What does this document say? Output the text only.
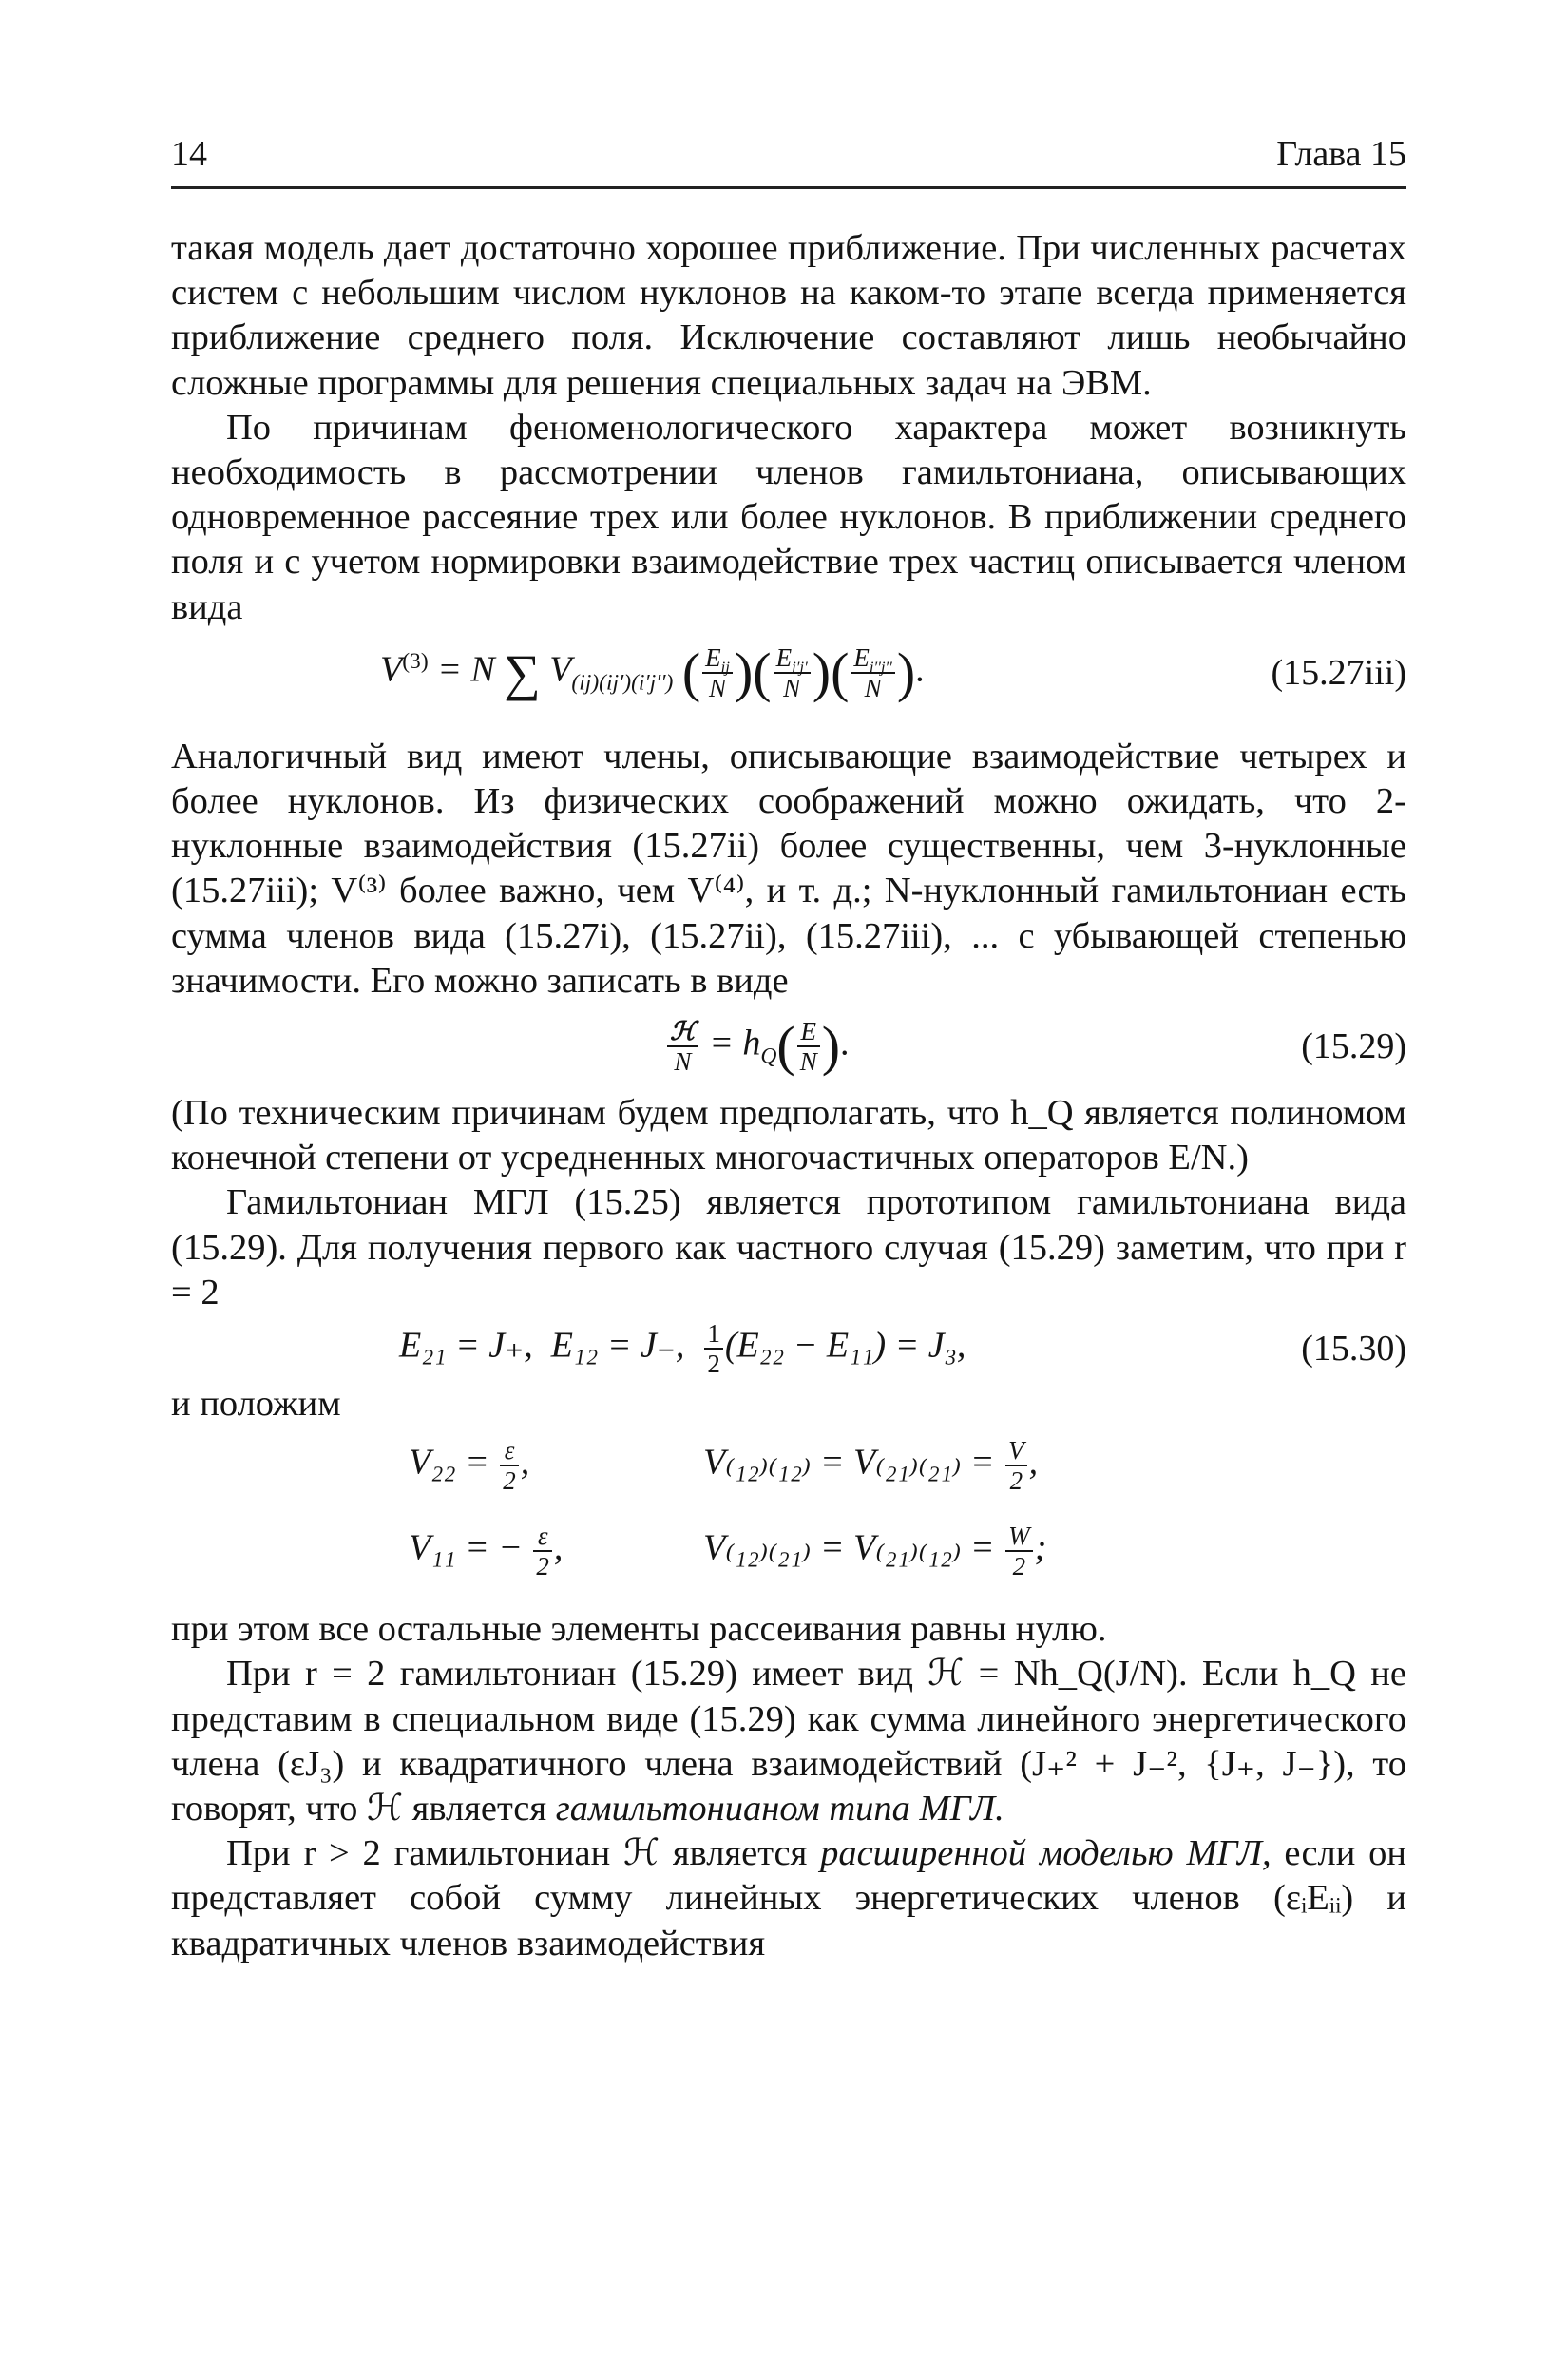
14	Глава 15

такая модель дает достаточно хорошее приближение. При численных расчетах систем с небольшим числом нуклонов на каком-то этапе всегда применяется приближение среднего поля. Исключение составляют лишь необычайно сложные программы для решения специальных задач на ЭВМ.

По причинам феноменологического характера может возникнуть необходимость в рассмотрении членов гамильтониана, описывающих одновременное рассеяние трех или более нуклонов. В приближении среднего поля и с учетом нормировки взаимодействие трех частиц описывается членом вида

$V^{(3)} = N$ ∑ $V_{(ij)(ij')(i'j'')}$ ( $\frac{E_{ij}}{N}$ )( $\frac{E_{i'j'}}{N}$ )( $\frac{E_{i''j''}}{N}$ ).	(15.27iii)

Аналогичный вид имеют члены, описывающие взаимодействие четырех и более нуклонов. Из физических соображений можно ожидать, что 2-нуклонные взаимодействия (15.27ii) более существенны, чем 3-нуклонные (15.27iii); V⁽³⁾ более важно, чем V⁽⁴⁾, и т. д.; N-нуклонный гамильтониан есть сумма членов вида (15.27i), (15.27ii), (15.27iii), ... с убывающей степенью значимости. Его можно записать в виде

$\frac{\text{ℋ}}{N} = h_Q( \frac{E}{N}$ ).	(15.29)

(По техническим причинам будем предполагать, что h_Q является полиномом конечной степени от усредненных многочастичных операторов E/N.)

Гамильтониан МГЛ (15.25) является прототипом гамильтониана вида (15.29). Для получения первого как частного случая (15.29) заметим, что при r = 2

E₂₁ = J₊, E₁₂ = J₋, $\frac{1}{2} (E_{22} - E_{11}) = J_3$,	(15.30)

и положим

$V_{22} = \frac{\varepsilon}{2}$ ,	$V_{(12)(12)} = V_{(21)(21)} = \frac{V}{2}$ ,
V₁₁ = − $\frac{\varepsilon}{2}$ ,	$V_{(12)(21)} = V_{(21)(12)} = \frac{W}{2}$ ;

при этом все остальные элементы рассеивания равны нулю.

При r = 2 гамильтониан (15.29) имеет вид ℋ = Nh_Q(J/N). Если h_Q не представим в специальном виде (15.29) как сумма линейного энергетического члена (εJ₃) и квадратичного члена взаимодействий (J₊² + J₋², {J₊, J₋}), то говорят, что ℋ является гамильтонианом типа МГЛ.

При r > 2 гамильтониан ℋ является расширенной моделью МГЛ, если он представляет собой сумму линейных энергетических членов (εᵢEᵢᵢ) и квадратичных членов взаимодействия
